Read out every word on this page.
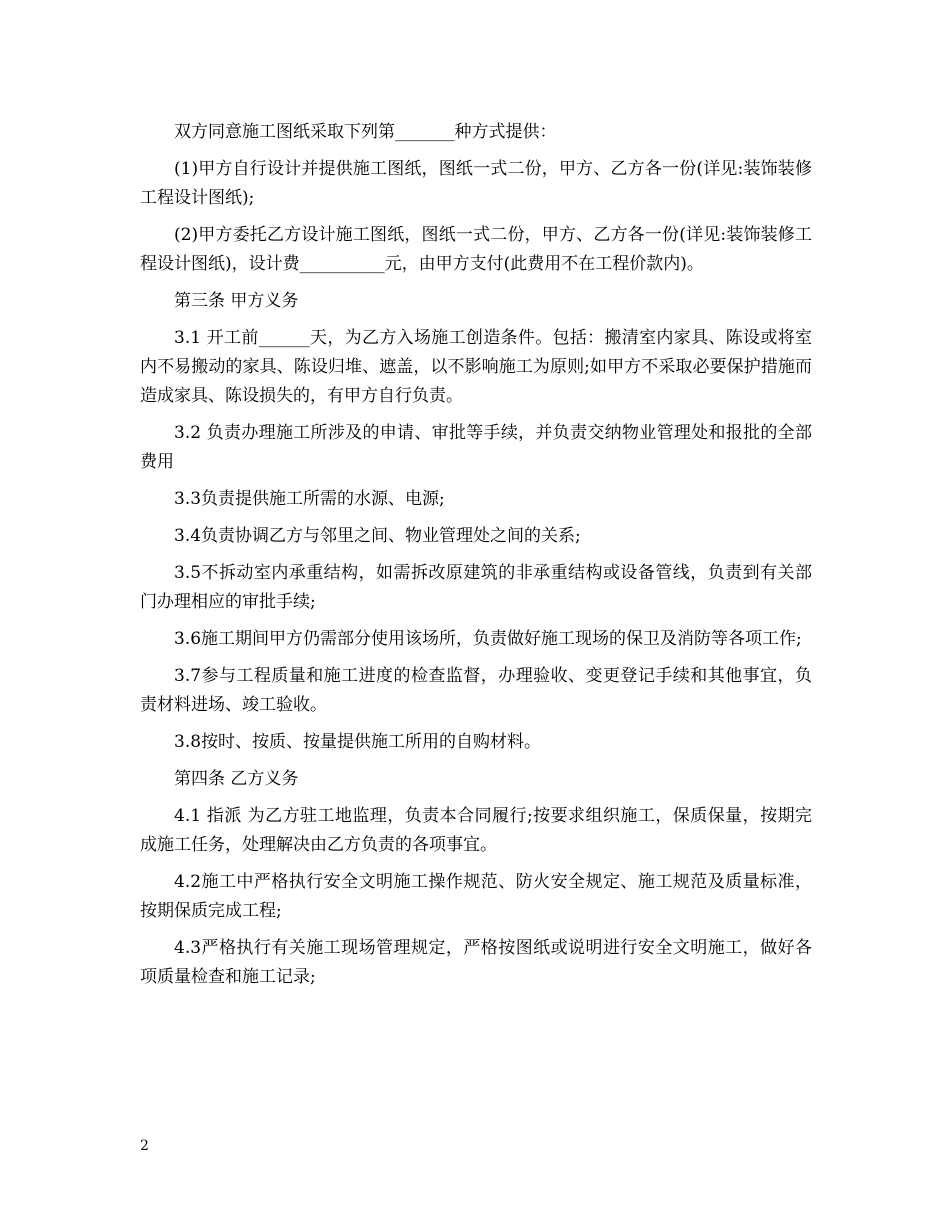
双方同意施工图纸采取下列第_______种方式提供：

(1)甲方自行设计并提供施工图纸，图纸一式二份，甲方、乙方各一份(详见:装饰装修工程设计图纸);

(2)甲方委托乙方设计施工图纸，图纸一式二份，甲方、乙方各一份(详见:装饰装修工程设计图纸)，设计费__________元，由甲方支付(此费用不在工程价款内)。

第三条 甲方义务

3.1 开工前______天，为乙方入场施工创造条件。包括：搬清室内家具、陈设或将室内不易搬动的家具、陈设归堆、遮盖，以不影响施工为原则;如甲方不采取必要保护措施而造成家具、陈设损失的，有甲方自行负责。

3.2 负责办理施工所涉及的申请、审批等手续，并负责交纳物业管理处和报批的全部费用

3.3负责提供施工所需的水源、电源;

3.4负责协调乙方与邻里之间、物业管理处之间的关系;

3.5不拆动室内承重结构，如需拆改原建筑的非承重结构或设备管线，负责到有关部门办理相应的审批手续;

3.6施工期间甲方仍需部分使用该场所，负责做好施工现场的保卫及消防等各项工作;

3.7参与工程质量和施工进度的检查监督，办理验收、变更登记手续和其他事宜，负责材料进场、竣工验收。

3.8按时、按质、按量提供施工所用的自购材料。

第四条 乙方义务

4.1 指派 为乙方驻工地监理，负责本合同履行;按要求组织施工，保质保量，按期完成施工任务，处理解决由乙方负责的各项事宜。

4.2施工中严格执行安全文明施工操作规范、防火安全规定、施工规范及质量标准，按期保质完成工程;

4.3严格执行有关施工现场管理规定，严格按图纸或说明进行安全文明施工，做好各项质量检查和施工记录;

2
